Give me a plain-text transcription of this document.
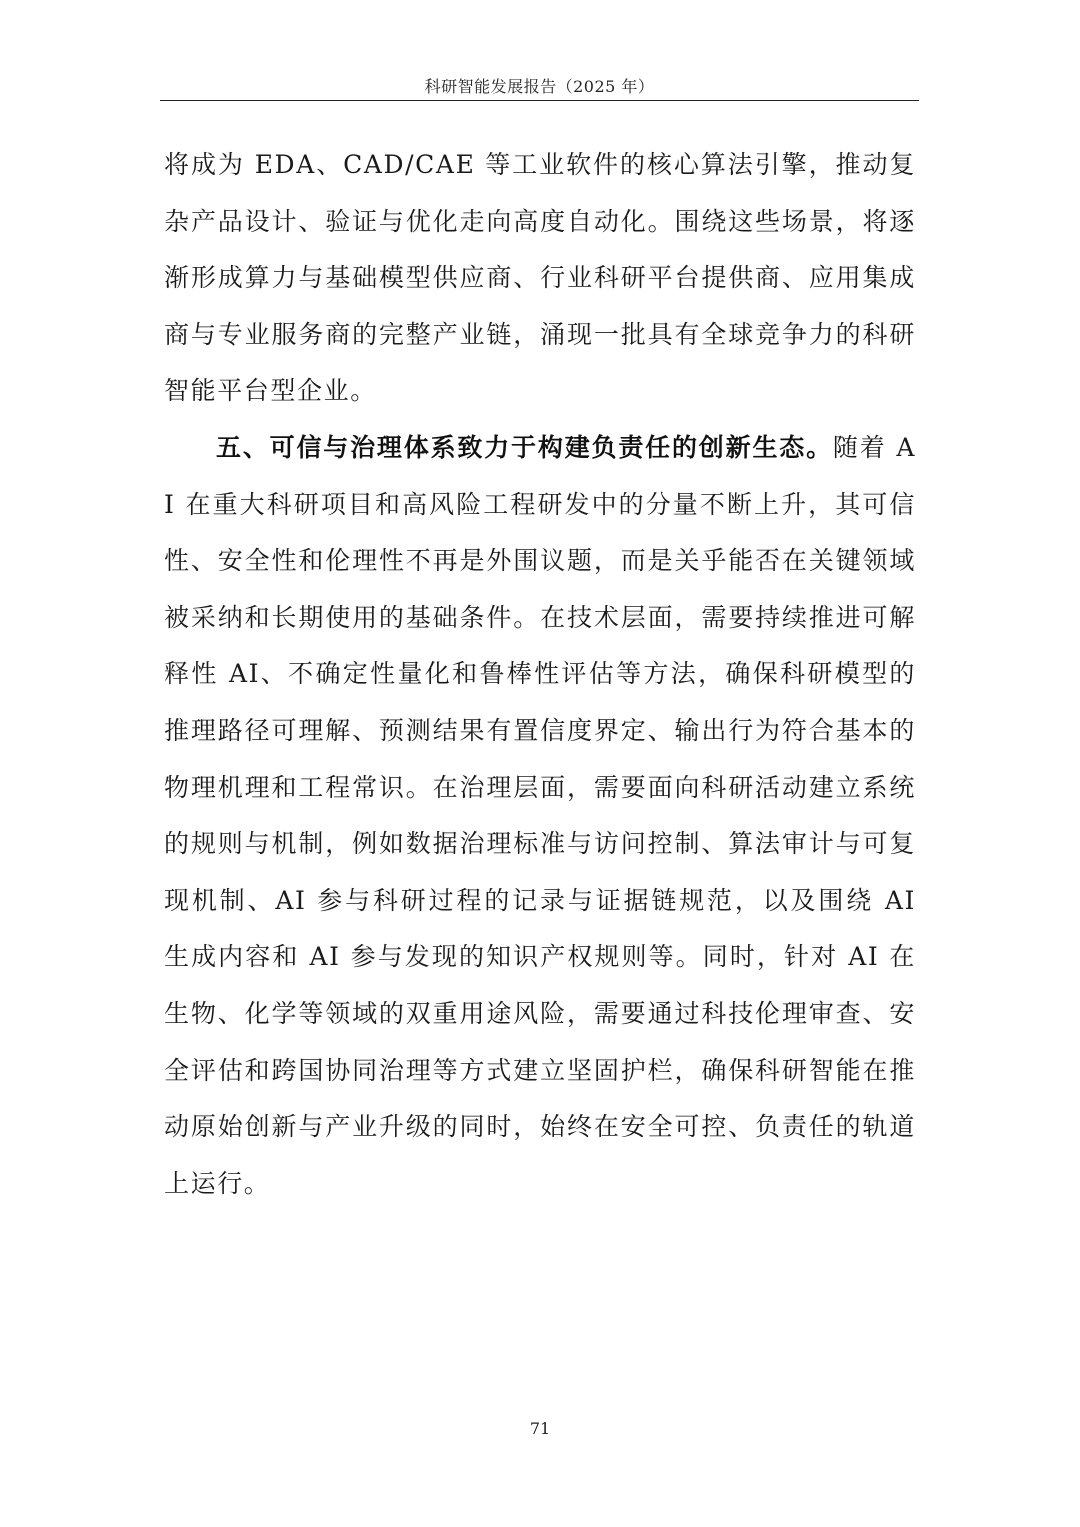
科研智能发展报告（2025 年）

将成为 EDA、CAD/CAE 等工业软件的核心算法引擎，推动复杂产品设计、验证与优化走向高度自动化。围绕这些场景，将逐渐形成算力与基础模型供应商、行业科研平台提供商、应用集成商与专业服务商的完整产业链，涌现一批具有全球竞争力的科研智能平台型企业。

五、可信与治理体系致力于构建负责任的创新生态。随着 AI 在重大科研项目和高风险工程研发中的分量不断上升，其可信性、安全性和伦理性不再是外围议题，而是关乎能否在关键领域被采纳和长期使用的基础条件。在技术层面，需要持续推进可解释性 AI、不确定性量化和鲁棒性评估等方法，确保科研模型的推理路径可理解、预测结果有置信度界定、输出行为符合基本的物理机理和工程常识。在治理层面，需要面向科研活动建立系统的规则与机制，例如数据治理标准与访问控制、算法审计与可复现机制、AI 参与科研过程的记录与证据链规范，以及围绕 AI 生成内容和 AI 参与发现的知识产权规则等。同时，针对 AI 在生物、化学等领域的双重用途风险，需要通过科技伦理审查、安全评估和跨国协同治理等方式建立坚固护栏，确保科研智能在推动原始创新与产业升级的同时，始终在安全可控、负责任的轨道上运行。

71
